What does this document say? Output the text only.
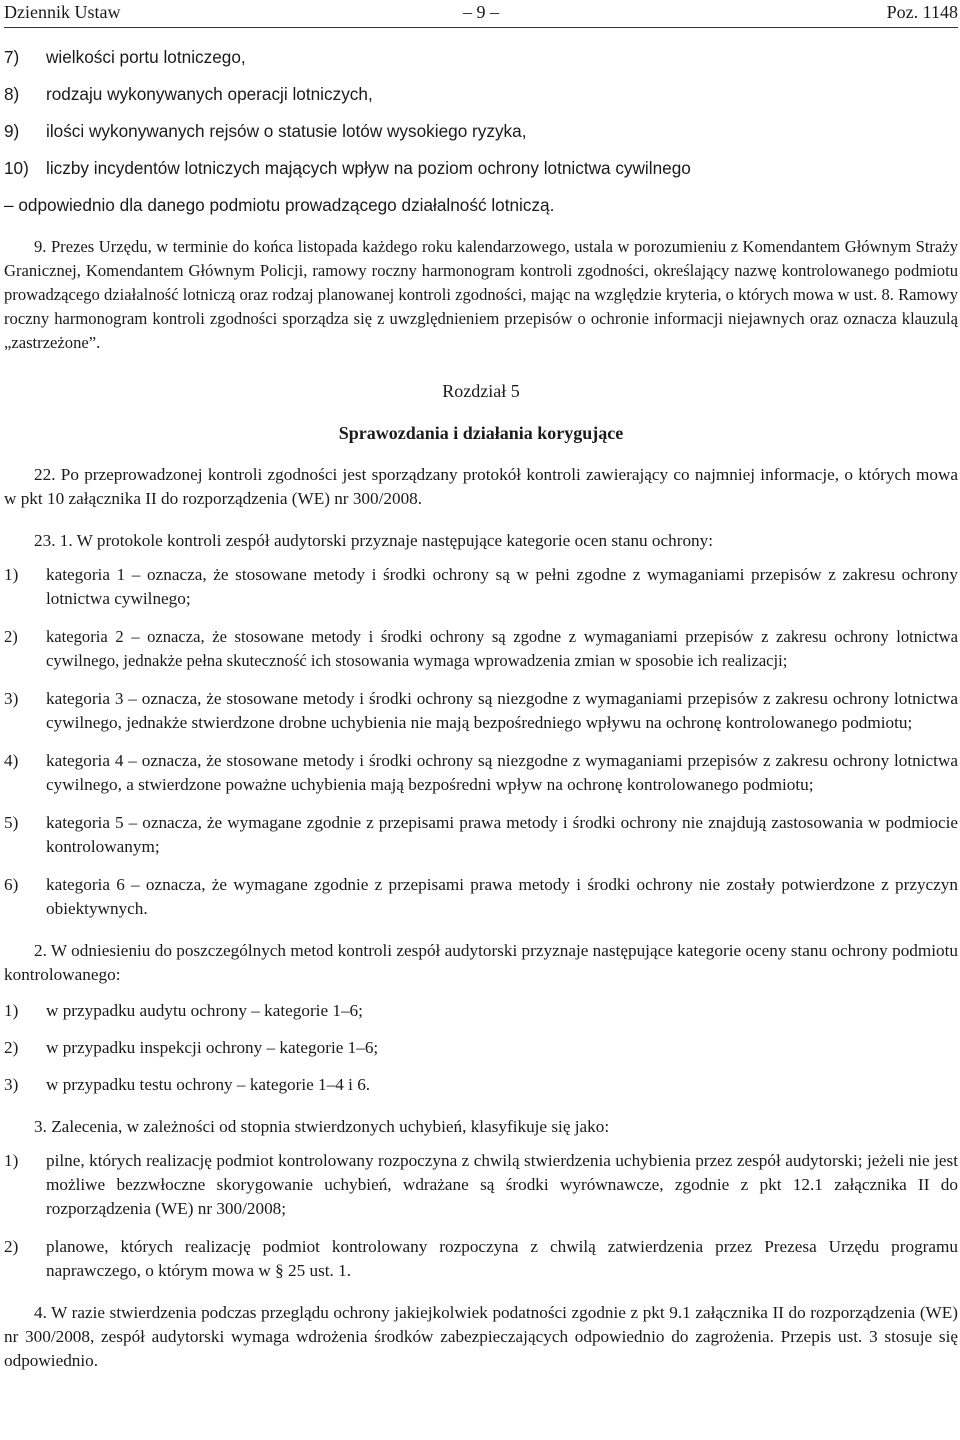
Dziennik Ustaw	– 9 –	Poz. 1148
7) wielkości portu lotniczego,
8) rodzaju wykonywanych operacji lotniczych,
9) ilości wykonywanych rejsów o statusie lotów wysokiego ryzyka,
10) liczby incydentów lotniczych mających wpływ na poziom ochrony lotnictwa cywilnego

– odpowiednio dla danego podmiotu prowadzącego działalność lotniczą.

9. Prezes Urzędu, w terminie do końca listopada każdego roku kalendarzowego, ustala w porozumieniu z Komendantem Głównym Straży Granicznej, Komendantem Głównym Policji, ramowy roczny harmonogram kontroli zgodności, określający nazwę kontrolowanego podmiotu prowadzącego działalność lotniczą oraz rodzaj planowanej kontroli zgodności, mając na względzie kryteria, o których mowa w ust. 8. Ramowy roczny harmonogram kontroli zgodności sporządza się z uwzględnieniem przepisów o ochronie informacji niejawnych oraz oznacza klauzulą „zastrzeżone”.

Rozdział 5

Sprawozdania i działania korygujące

22. Po przeprowadzonej kontroli zgodności jest sporządzany protokół kontroli zawierający co najmniej informacje, o których mowa w pkt 10 załącznika II do rozporządzenia (WE) nr 300/2008.

23. 1. W protokole kontroli zespół audytorski przyznaje następujące kategorie ocen stanu ochrony:

1) kategoria 1 – oznacza, że stosowane metody i środki ochrony są w pełni zgodne z wymaganiami przepisów z zakresu ochrony lotnictwa cywilnego;
2) kategoria 2 – oznacza, że stosowane metody i środki ochrony są zgodne z wymaganiami przepisów z zakresu ochrony lotnictwa cywilnego, jednakże pełna skuteczność ich stosowania wymaga wprowadzenia zmian w sposobie ich realizacji;
3) kategoria 3 – oznacza, że stosowane metody i środki ochrony są niezgodne z wymaganiami przepisów z zakresu ochrony lotnictwa cywilnego, jednakże stwierdzone drobne uchybienia nie mają bezpośredniego wpływu na ochronę kontrolowanego podmiotu;
4) kategoria 4 – oznacza, że stosowane metody i środki ochrony są niezgodne z wymaganiami przepisów z zakresu ochrony lotnictwa cywilnego, a stwierdzone poważne uchybienia mają bezpośredni wpływ na ochronę kontrolowanego podmiotu;
5) kategoria 5 – oznacza, że wymagane zgodnie z przepisami prawa metody i środki ochrony nie znajdują zastosowania w podmiocie kontrolowanym;
6) kategoria 6 – oznacza, że wymagane zgodnie z przepisami prawa metody i środki ochrony nie zostały potwierdzone z przyczyn obiektywnych.

2. W odniesieniu do poszczególnych metod kontroli zespół audytorski przyznaje następujące kategorie oceny stanu ochrony podmiotu kontrolowanego:

1) w przypadku audytu ochrony – kategorie 1–6;
2) w przypadku inspekcji ochrony – kategorie 1–6;
3) w przypadku testu ochrony – kategorie 1–4 i 6.

3. Zalecenia, w zależności od stopnia stwierdzonych uchybień, klasyfikuje się jako:

1) pilne, których realizację podmiot kontrolowany rozpoczyna z chwilą stwierdzenia uchybienia przez zespół audytorski; jeżeli nie jest możliwe bezzwłoczne skorygowanie uchybień, wdrażane są środki wyrównawcze, zgodnie z pkt 12.1 załącznika II do rozporządzenia (WE) nr 300/2008;
2) planowe, których realizację podmiot kontrolowany rozpoczyna z chwilą zatwierdzenia przez Prezesa Urzędu programu naprawczego, o którym mowa w § 25 ust. 1.

4. W razie stwierdzenia podczas przeglądu ochrony jakiejkolwiek podatności zgodnie z pkt 9.1 załącznika II do rozporządzenia (WE) nr 300/2008, zespół audytorski wymaga wdrożenia środków zabezpieczających odpowiednio do zagrożenia. Przepis ust. 3 stosuje się odpowiednio.
